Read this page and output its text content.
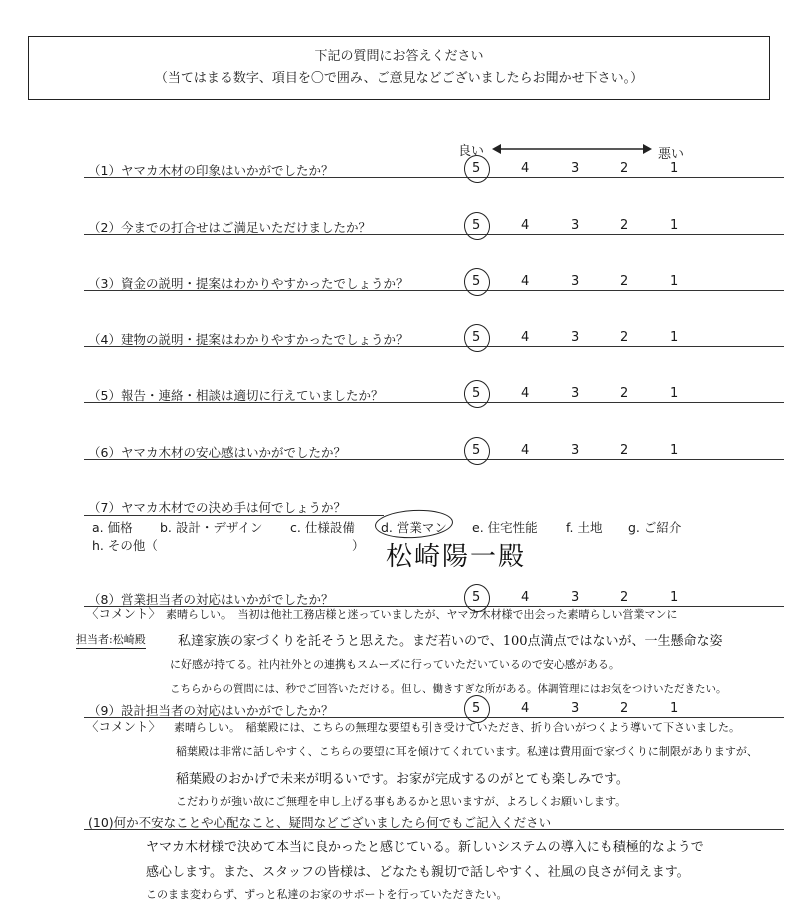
下記の質問にお答えください
（当てはまる数字、項目を〇で囲み、ご意見などございましたらお聞かせ下さい。）
良い	悪い
（1）ヤマカ木材の印象はいかがでしたか？	5	4	3	2	1
（2）今までの打合せはご満足いただけましたか？	5	4	3	2	1
（3）資金の説明・提案はわかりやすかったでしょうか？	5	4	3	2	1
（4）建物の説明・提案はわかりやすかったでしょうか？	5	4	3	2	1
（5）報告・連絡・相談は適切に行えていましたか？	5	4	3	2	1
（6）ヤマカ木材の安心感はいかがでしたか？	5	4	3	2	1
（7）ヤマカ木材での決め手は何でしょうか？
a. 価格 b. 設計・デザイン c. 仕様設備 d. 営業マン e. 住宅性能 f. 土地 g. ご紹介
h. その他（	） 松崎陽一殿
（8）営業担当者の対応はいかがでしたか？	5	4	3	2	1
〈コメント〉
担当者:松崎殿
素晴らしい。　当初は他社工務店様と迷っていましたが、ヤマカ木材様で出会った素晴らしい営業マンに
私達家族の家づくりを託そうと思えた。まだ若いので、100点満点ではないが、一生懸命な姿
に好感が持てる。社内社外との連携もスムーズに行っていただいているので安心感がある。
こちらからの質問には、秒でご回答いただける。但し、働きすぎな所がある。体調管理にはお気をつけいただきたい。
（9）設計担当者の対応はいかがでしたか？	5	4	3	2	1
〈コメント〉 素晴らしい。　稲葉殿には、こちらの無理な要望も引き受けていただき、折り合いがつくよう導いて下さいました。
稲葉殿は非常に話しやすく、こちらの要望に耳を傾けてくれています。私達は費用面で家づくりに制限がありますが、
稲葉殿のおかげで未来が明るいです。お家が完成するのがとても楽しみです。
こだわりが強い故にご無理を申し上げる事もあるかと思いますが、よろしくお願いします。
(10)何か不安なことや心配なこと、疑問などございましたら何でもご記入ください
ヤマカ木材様で決めて本当に良かったと感じている。新しいシステムの導入にも積極的なようで
感心します。また、スタッフの皆様は、どなたも親切で話しやすく、社風の良さが伺えます。
このまま変わらず、ずっと私達のお家のサポートを行っていただきたい。
